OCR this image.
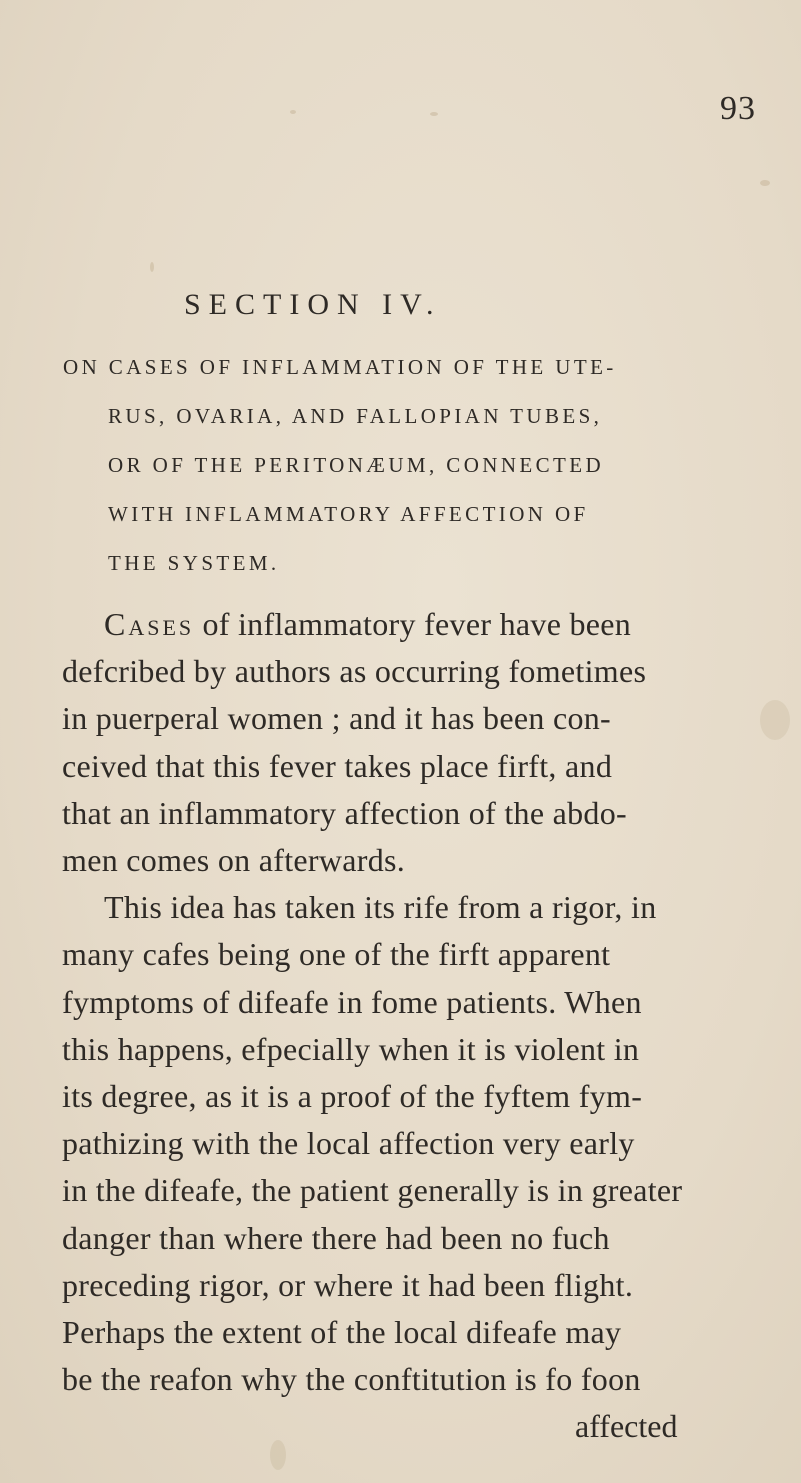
93
SECTION IV.
ON CASES OF INFLAMMATION OF THE UTE-
RUS, OVARIA, AND FALLOPIAN TUBES,
OR OF THE PERITONÆUM, CONNECTED
WITH INFLAMMATORY AFFECTION OF
THE SYSTEM.
Cases of inflammatory fever have been
defcribed by authors as occurring fometimes
in puerperal women ; and it has been con-
ceived that this fever takes place firft, and
that an inflammatory affection of the abdo-
men comes on afterwards.
This idea has taken its rife from a rigor, in
many cafes being one of the firft apparent
fymptoms of difeafe in fome patients. When
this happens, efpecially when it is violent in
its degree, as it is a proof of the fyftem fym-
pathizing with the local affection very early
in the difeafe, the patient generally is in greater
danger than where there had been no fuch
preceding rigor, or where it had been flight.
Perhaps the extent of the local difeafe may
be the reafon why the conftitution is fo foon
affected
